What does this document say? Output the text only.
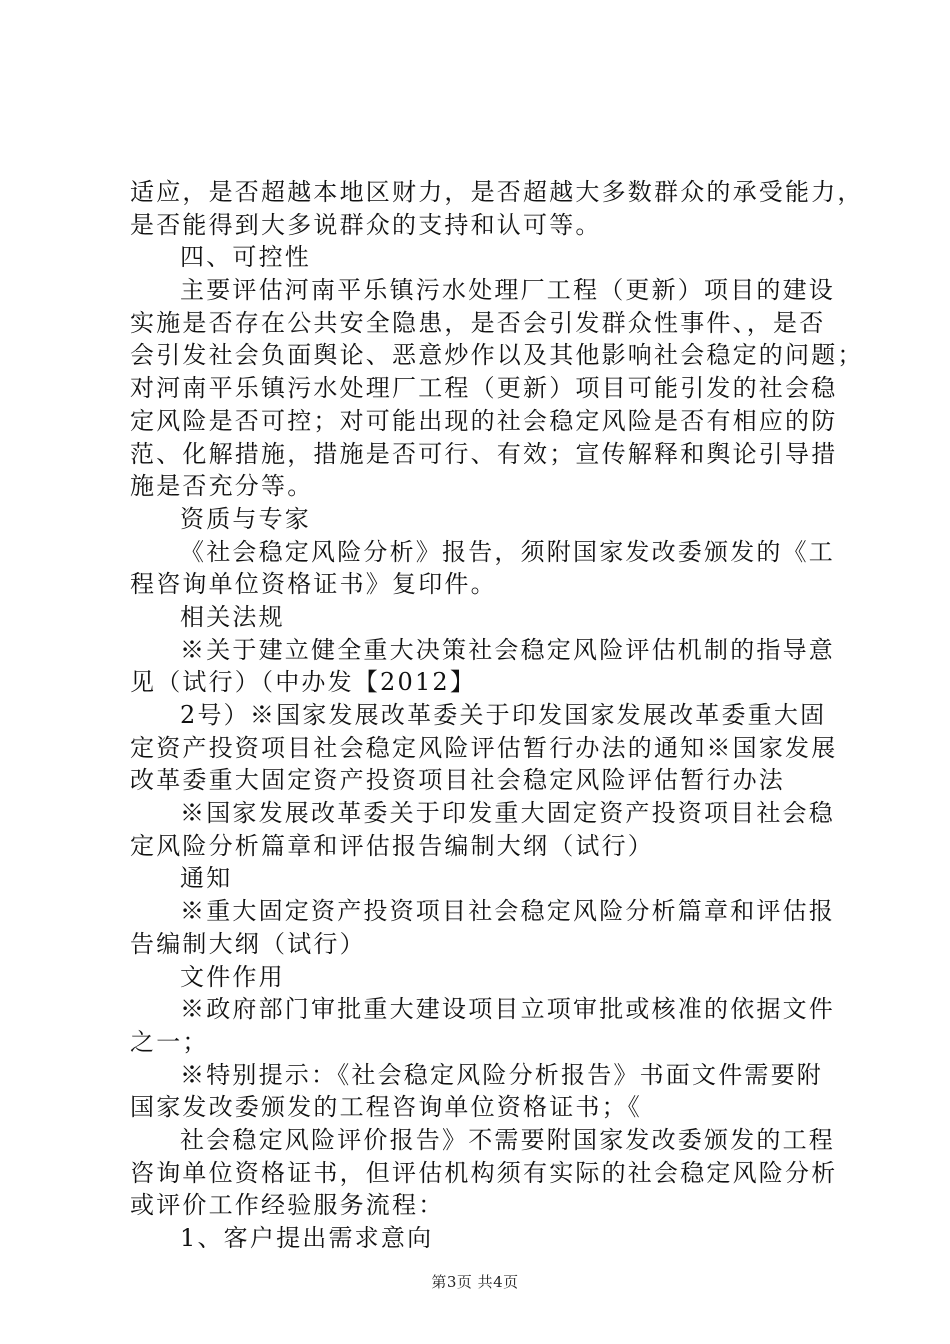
适应，是否超越本地区财力，是否超越大多数群众的承受能力，
是否能得到大多说群众的支持和认可等。
四、可控性
主要评估河南平乐镇污水处理厂工程（更新）项目的建设
实施是否存在公共安全隐患，是否会引发群众性事件、，是否
会引发社会负面舆论、恶意炒作以及其他影响社会稳定的问题；
对河南平乐镇污水处理厂工程（更新）项目可能引发的社会稳
定风险是否可控；对可能出现的社会稳定风险是否有相应的防
范、化解措施，措施是否可行、有效；宣传解释和舆论引导措
施是否充分等。
资质与专家
《社会稳定风险分析》报告，须附国家发改委颁发的《工
程咨询单位资格证书》复印件。
相关法规
※关于建立健全重大决策社会稳定风险评估机制的指导意
见（试行）（中办发【2012】
2号）※国家发展改革委关于印发国家发展改革委重大固
定资产投资项目社会稳定风险评估暂行办法的通知※国家发展
改革委重大固定资产投资项目社会稳定风险评估暂行办法
※国家发展改革委关于印发重大固定资产投资项目社会稳
定风险分析篇章和评估报告编制大纲（试行）
通知
※重大固定资产投资项目社会稳定风险分析篇章和评估报
告编制大纲（试行）
文件作用
※政府部门审批重大建设项目立项审批或核准的依据文件
之一；
※特别提示：《社会稳定风险分析报告》书面文件需要附
国家发改委颁发的工程咨询单位资格证书；《
社会稳定风险评价报告》不需要附国家发改委颁发的工程
咨询单位资格证书，但评估机构须有实际的社会稳定风险分析
或评价工作经验服务流程：
1、客户提出需求意向
第3页 共4页
